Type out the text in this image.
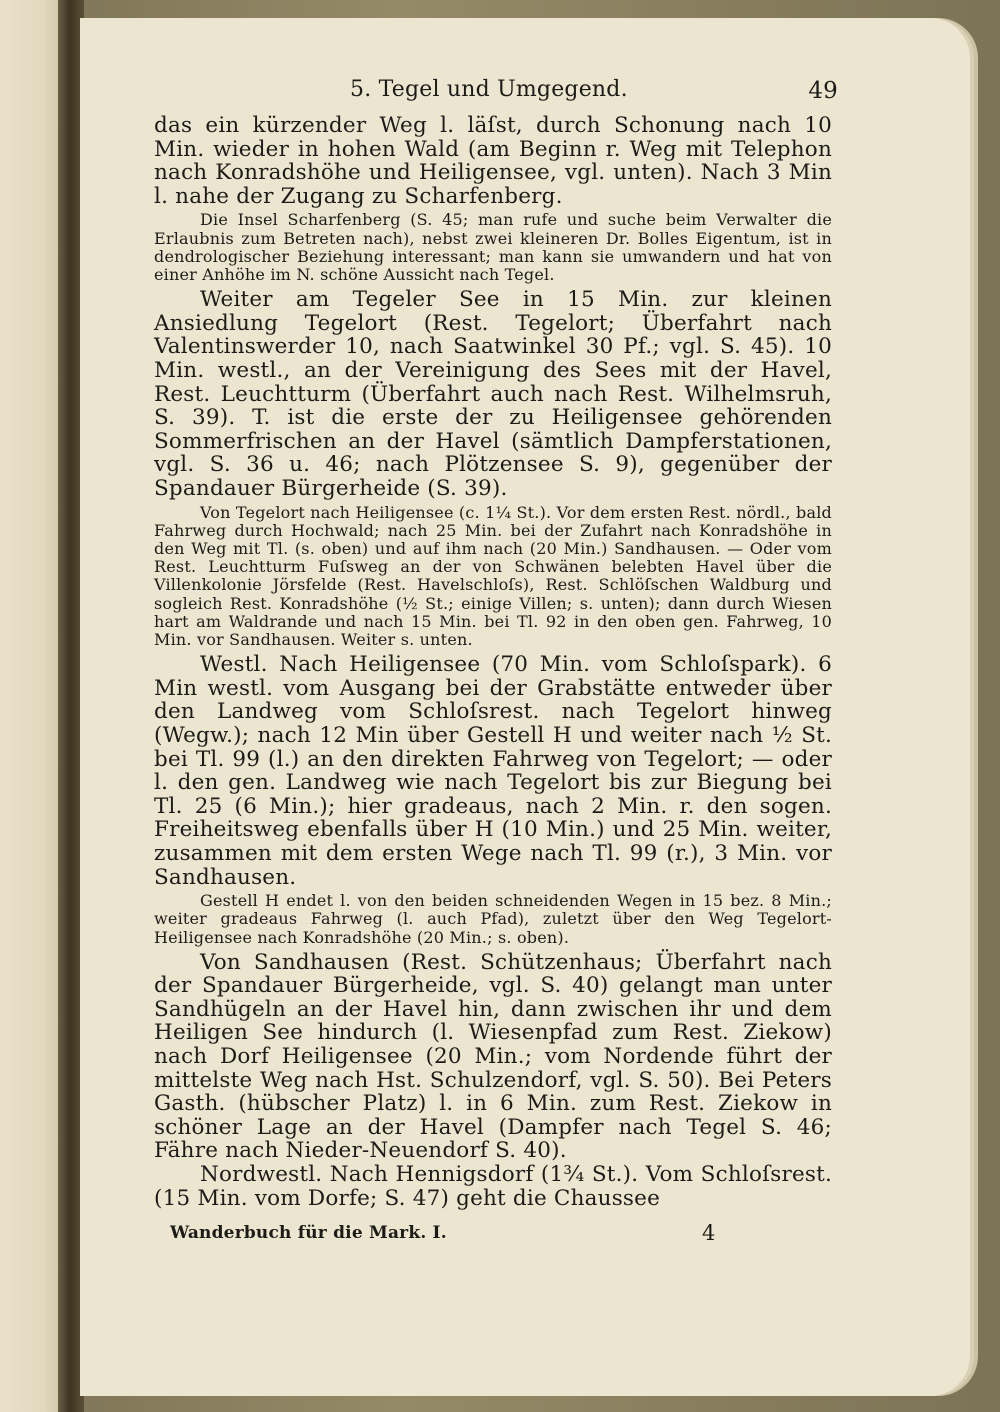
5. Tegel und Umgegend.	49

das ein kürzender Weg l. läſst, durch Schonung nach 10 Min. wieder in hohen Wald (am Beginn r. Weg mit Telephon nach Konradshöhe und Heiligensee, vgl. unten). Nach 3 Min l. nahe der Zugang zu Scharfenberg.

Die Insel Scharfenberg (S. 45; man rufe und suche beim Verwalter die Erlaubnis zum Betreten nach), nebst zwei kleineren Dr. Bolles Eigentum, ist in dendrologischer Beziehung interessant; man kann sie umwandern und hat von einer Anhöhe im N. schöne Aussicht nach Tegel.

Weiter am Tegeler See in 15 Min. zur kleinen Ansiedlung Tegelort (Rest. Tegelort; Überfahrt nach Valentinswerder 10, nach Saatwinkel 30 Pf.; vgl. S. 45). 10 Min. westl., an der Vereinigung des Sees mit der Havel, Rest. Leuchtturm (Überfahrt auch nach Rest. Wilhelmsruh, S. 39). T. ist die erste der zu Heiligensee gehörenden Sommerfrischen an der Havel (sämtlich Dampferstationen, vgl. S. 36 u. 46; nach Plötzensee S. 9), gegenüber der Spandauer Bürgerheide (S. 39).

Von Tegelort nach Heiligensee (c. 1¼ St.). Vor dem ersten Rest. nördl., bald Fahrweg durch Hochwald; nach 25 Min. bei der Zufahrt nach Konradshöhe in den Weg mit Tl. (s. oben) und auf ihm nach (20 Min.) Sandhausen. — Oder vom Rest. Leuchtturm Fuſsweg an der von Schwänen belebten Havel über die Villenkolonie Jörsfelde (Rest. Havelschloſs), Rest. Schlöſschen Waldburg und sogleich Rest. Konradshöhe (½ St.; einige Villen; s. unten); dann durch Wiesen hart am Waldrande und nach 15 Min. bei Tl. 92 in den oben gen. Fahrweg, 10 Min. vor Sandhausen. Weiter s. unten.

Westl. Nach Heiligensee (70 Min. vom Schloſspark). 6 Min westl. vom Ausgang bei der Grabstätte entweder über den Landweg vom Schloſsrest. nach Tegelort hinweg (Wegw.); nach 12 Min über Gestell H und weiter nach ½ St. bei Tl. 99 (l.) an den direkten Fahrweg von Tegelort; — oder l. den gen. Landweg wie nach Tegelort bis zur Biegung bei Tl. 25 (6 Min.); hier gradeaus, nach 2 Min. r. den sogen. Freiheitsweg ebenfalls über H (10 Min.) und 25 Min. weiter, zusammen mit dem ersten Wege nach Tl. 99 (r.), 3 Min. vor Sandhausen.

Gestell H endet l. von den beiden schneidenden Wegen in 15 bez. 8 Min.; weiter gradeaus Fahrweg (l. auch Pfad), zuletzt über den Weg Tegelort-Heiligensee nach Konradshöhe (20 Min.; s. oben).

Von Sandhausen (Rest. Schützenhaus; Überfahrt nach der Spandauer Bürgerheide, vgl. S. 40) gelangt man unter Sandhügeln an der Havel hin, dann zwischen ihr und dem Heiligen See hindurch (l. Wiesenpfad zum Rest. Ziekow) nach Dorf Heiligensee (20 Min.; vom Nordende führt der mittelste Weg nach Hst. Schulzendorf, vgl. S. 50). Bei Peters Gasth. (hübscher Platz) l. in 6 Min. zum Rest. Ziekow in schöner Lage an der Havel (Dampfer nach Tegel S. 46; Fähre nach Nieder-Neuendorf S. 40).

Nordwestl. Nach Hennigsdorf (1¾ St.). Vom Schloſsrest. (15 Min. vom Dorfe; S. 47) geht die Chaussee

Wanderbuch für die Mark. I.	4
